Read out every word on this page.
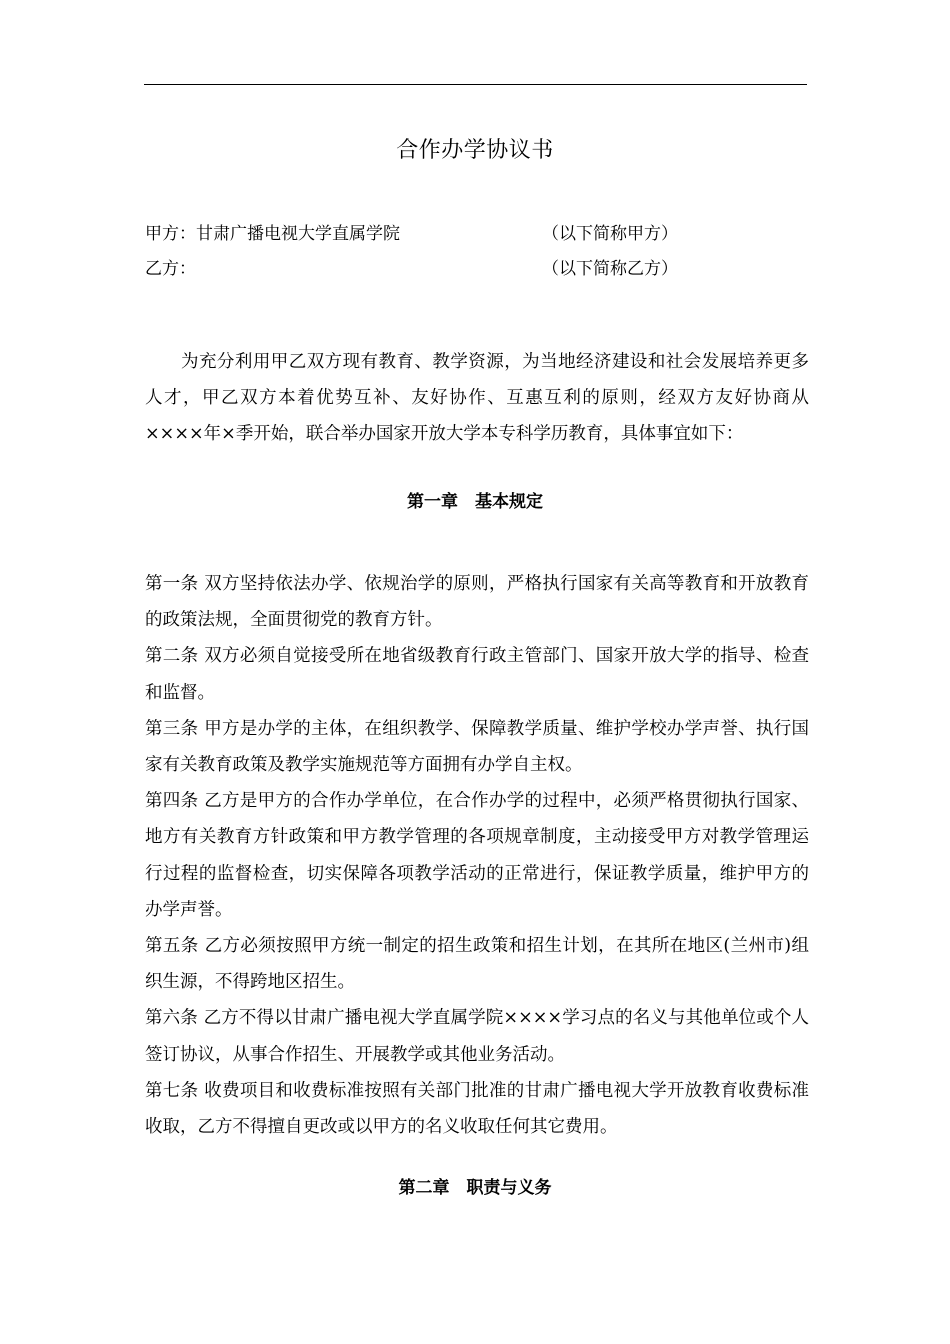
合作办学协议书
甲方：甘肃广播电视大学直属学院	（以下简称甲方）
乙方：	（以下简称乙方）
为充分利用甲乙双方现有教育、教学资源，为当地经济建设和社会发展培养更多人才，甲乙双方本着优势互补、友好协作、互惠互利的原则，经双方友好协商从××××年×季开始，联合举办国家开放大学本专科学历教育，具体事宜如下：
第一章　基本规定

第一条 双方坚持依法办学、依规治学的原则，严格执行国家有关高等教育和开放教育的政策法规，全面贯彻党的教育方针。

第二条 双方必须自觉接受所在地省级教育行政主管部门、国家开放大学的指导、检查和监督。

第三条 甲方是办学的主体，在组织教学、保障教学质量、维护学校办学声誉、执行国家有关教育政策及教学实施规范等方面拥有办学自主权。

第四条 乙方是甲方的合作办学单位，在合作办学的过程中，必须严格贯彻执行国家、地方有关教育方针政策和甲方教学管理的各项规章制度，主动接受甲方对教学管理运行过程的监督检查，切实保障各项教学活动的正常进行，保证教学质量，维护甲方的办学声誉。

第五条 乙方必须按照甲方统一制定的招生政策和招生计划，在其所在地区(兰州市)组织生源，不得跨地区招生。

第六条 乙方不得以甘肃广播电视大学直属学院××××学习点的名义与其他单位或个人签订协议，从事合作招生、开展教学或其他业务活动。

第七条 收费项目和收费标准按照有关部门批准的甘肃广播电视大学开放教育收费标准收取，乙方不得擅自更改或以甲方的名义收取任何其它费用。

第二章　职责与义务
